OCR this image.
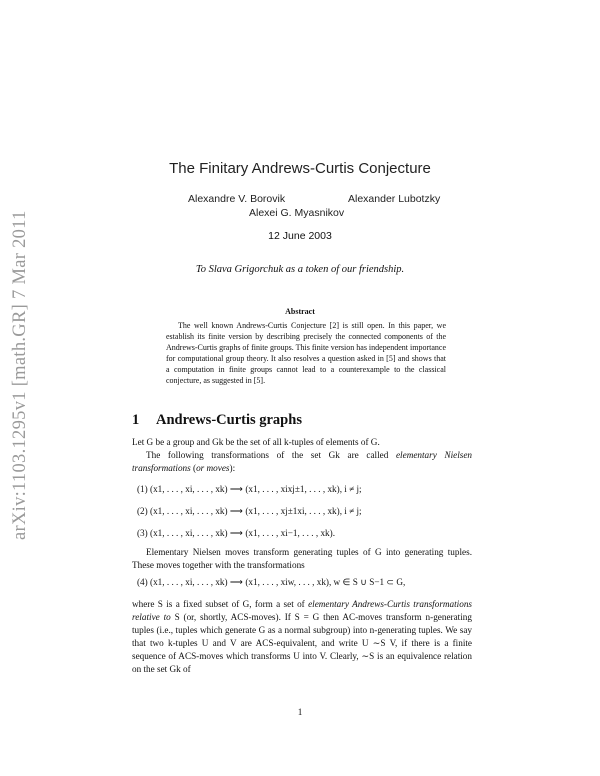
arXiv:1103.1295v1 [math.GR] 7 Mar 2011
The Finitary Andrews-Curtis Conjecture
Alexandre V. Borovik	Alexander Lubotzky
Alexei G. Myasnikov
12 June 2003
To Slava Grigorchuk as a token of our friendship.
Abstract

The well known Andrews-Curtis Conjecture [2] is still open. In this paper, we establish its finite version by describing precisely the connected components of the Andrews-Curtis graphs of finite groups. This finite version has independent importance for computational group theory. It also resolves a question asked in [5] and shows that a computation in finite groups cannot lead to a counterexample to the classical conjecture, as suggested in [5].

1 Andrews-Curtis graphs

Let G be a group and Gk be the set of all k-tuples of elements of G.

The following transformations of the set Gk are called elementary Nielsen transformations (or moves):

(1) (x1, . . . , xi, . . . , xk) ⟶ (x1, . . . , xixj±1, . . . , xk), i ≠ j;
(2) (x1, . . . , xi, . . . , xk) ⟶ (x1, . . . , xj±1xi, . . . , xk), i ≠ j;
(3) (x1, . . . , xi, . . . , xk) ⟶ (x1, . . . , xi−1, . . . , xk).

Elementary Nielsen moves transform generating tuples of G into generating tuples. These moves together with the transformations

(4) (x1, . . . , xi, . . . , xk) ⟶ (x1, . . . , xiw, . . . , xk), w ∈ S ∪ S−1 ⊂ G,

where S is a fixed subset of G, form a set of elementary Andrews-Curtis transformations relative to S (or, shortly, ACS-moves). If S = G then AC-moves transform n-generating tuples (i.e., tuples which generate G as a normal subgroup) into n-generating tuples. We say that two k-tuples U and V are ACS-equivalent, and write U ∼S V, if there is a finite sequence of ACS-moves which transforms U into V. Clearly, ∼S is an equivalence relation on the set Gk of

1
